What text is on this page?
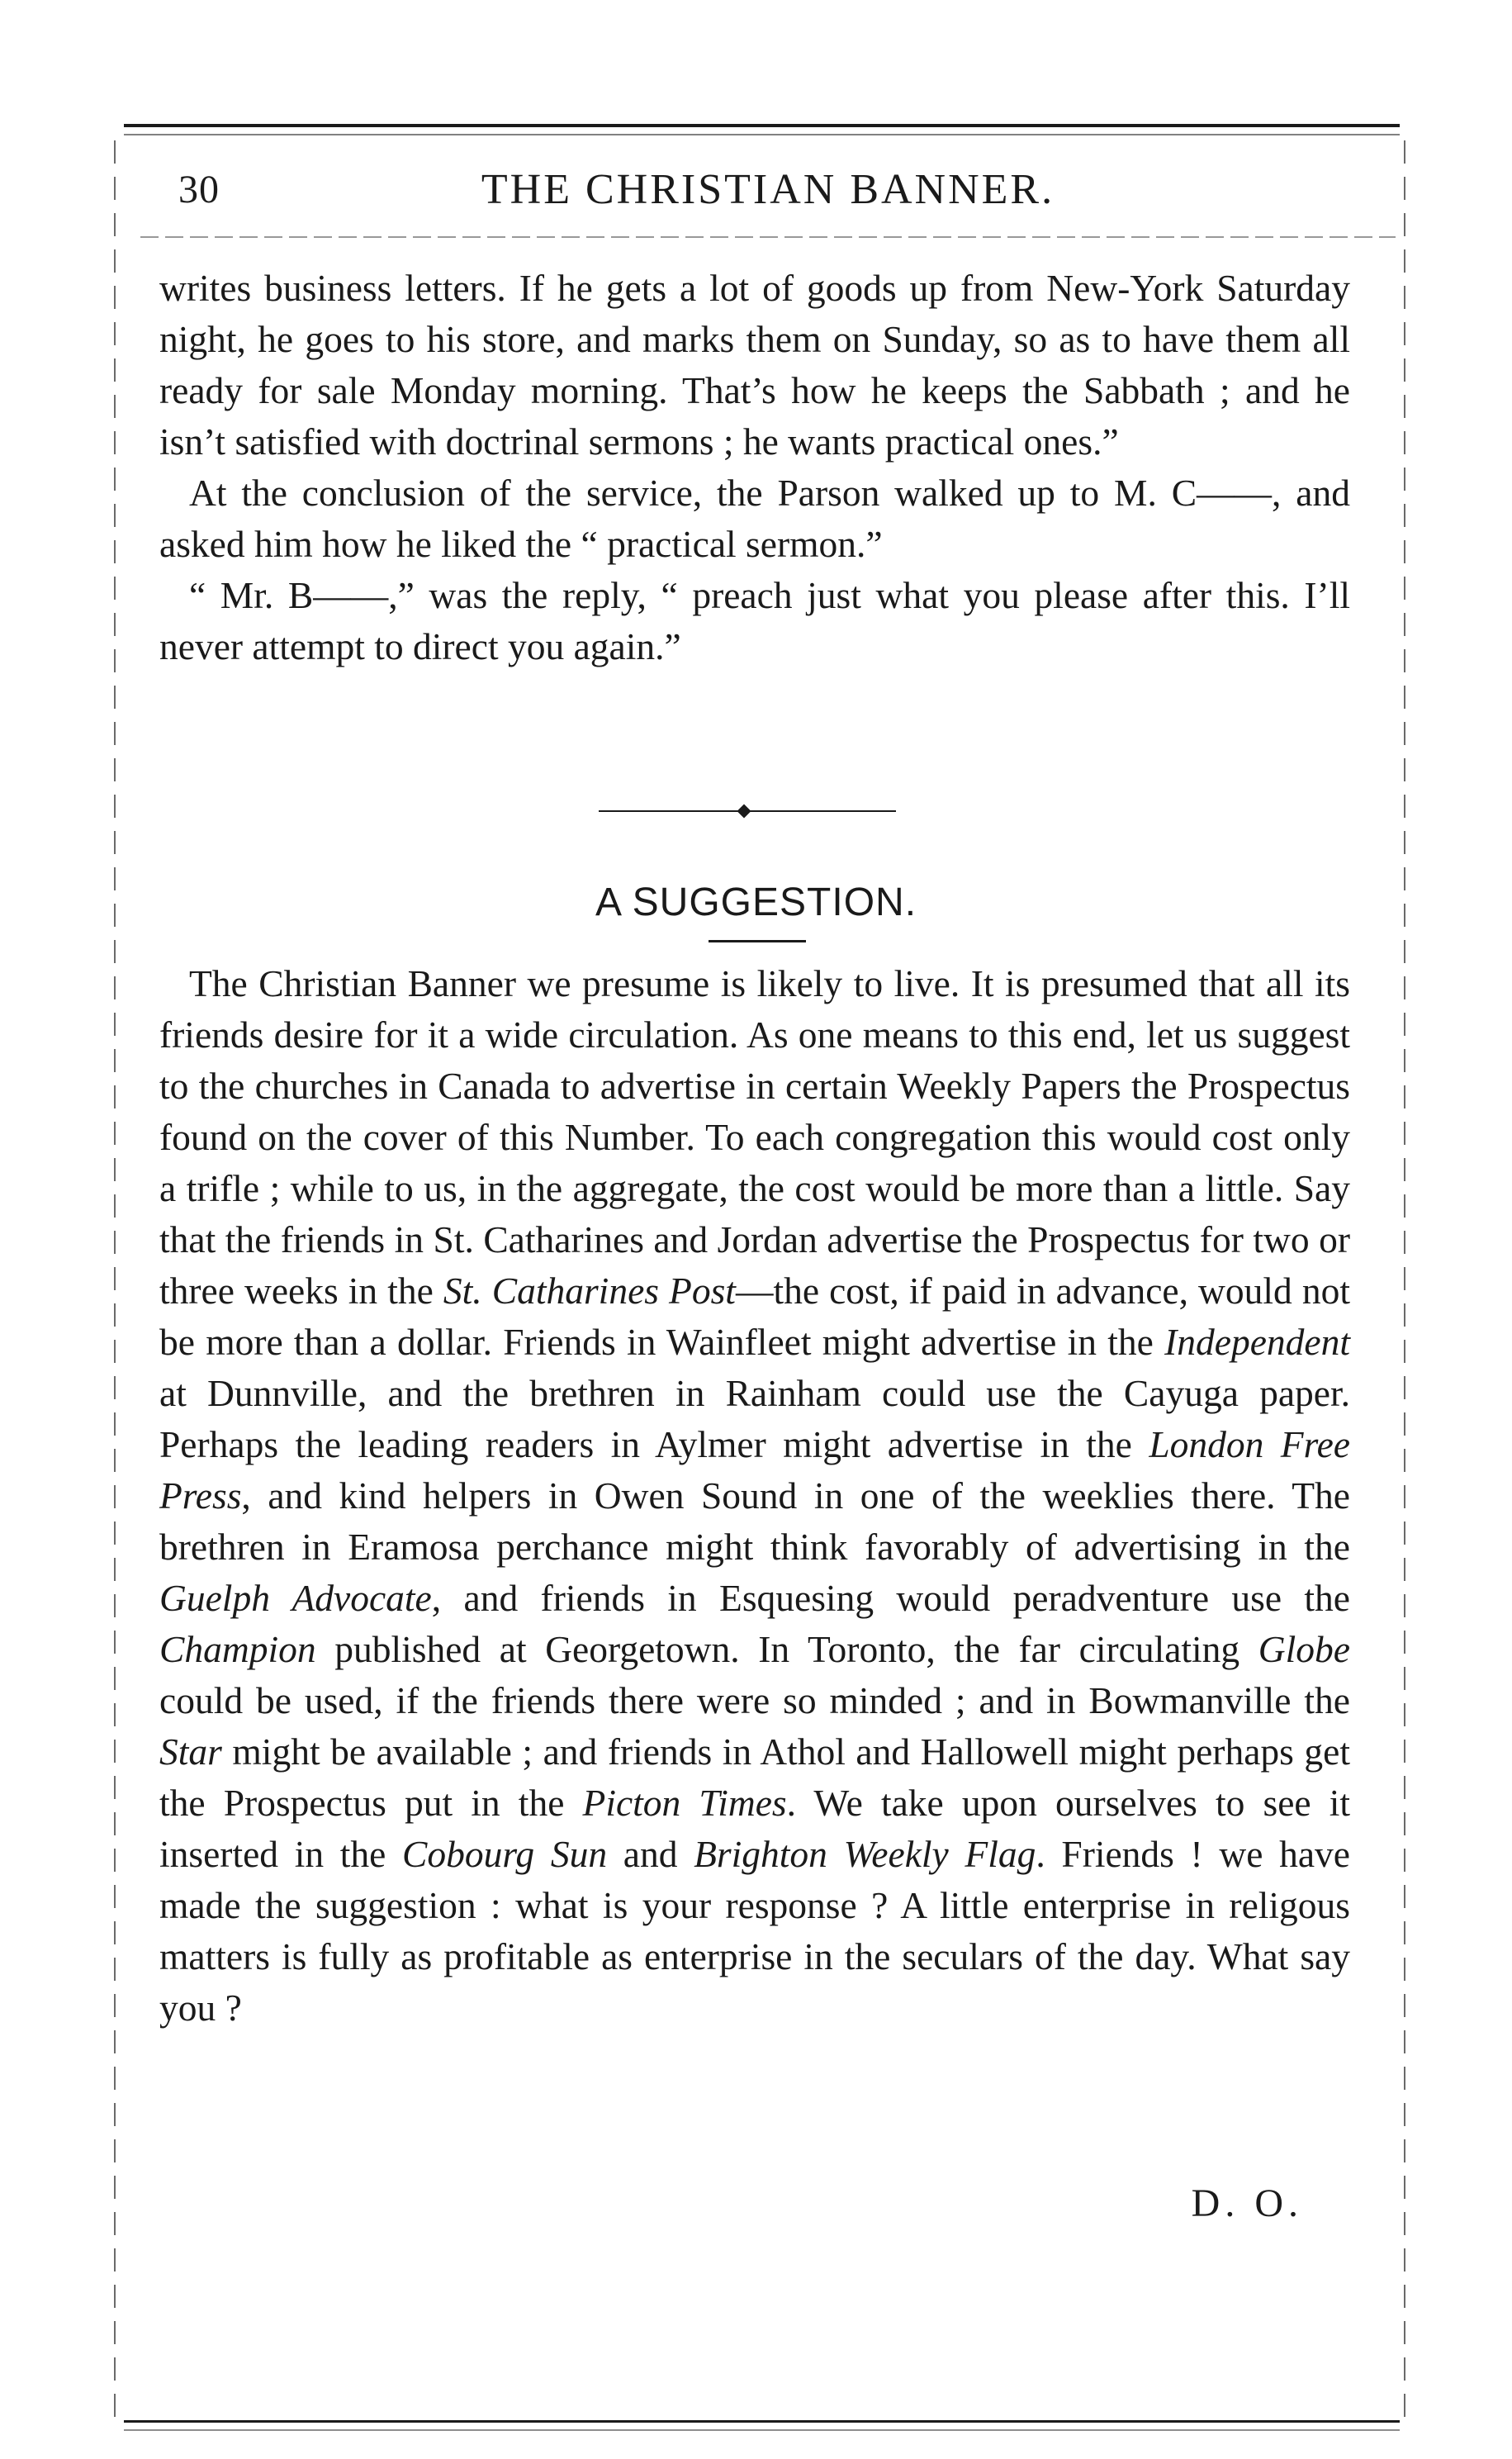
30	THE CHRISTIAN BANNER.

writes business letters. If he gets a lot of goods up from New-York Saturday night, he goes to his store, and marks them on Sunday, so as to have them all ready for sale Monday morning. That’s how he keeps the Sabbath ; and he isn’t satisfied with doctrinal sermons ; he wants practical ones.”

At the conclusion of the service, the Parson walked up to M. C——, and asked him how he liked the “ practical sermon.”

“ Mr. B——,” was the reply, “ preach just what you please after this. I’ll never attempt to direct you again.”

A SUGGESTION.

The Christian Banner we presume is likely to live. It is presumed that all its friends desire for it a wide circulation. As one means to this end, let us suggest to the churches in Canada to advertise in certain Weekly Papers the Prospectus found on the cover of this Number. To each congregation this would cost only a trifle ; while to us, in the aggregate, the cost would be more than a little. Say that the friends in St. Catharines and Jordan advertise the Prospectus for two or three weeks in the St. Catharines Post—the cost, if paid in advance, would not be more than a dollar. Friends in Wainfleet might advertise in the Independent at Dunnville, and the brethren in Rainham could use the Cayuga paper. Perhaps the leading readers in Aylmer might advertise in the London Free Press, and kind helpers in Owen Sound in one of the weeklies there. The brethren in Eramosa perchance might think favorably of advertising in the Guelph Advocate, and friends in Esquesing would peradventure use the Champion published at Georgetown. In Toronto, the far circulating Globe could be used, if the friends there were so minded ; and in Bowmanville the Star might be available ; and friends in Athol and Hallowell might perhaps get the Prospectus put in the Picton Times. We take upon ourselves to see it inserted in the Cobourg Sun and Brighton Weekly Flag. Friends ! we have made the suggestion : what is your response ? A little enterprise in religous matters is fully as profitable as enterprise in the seculars of the day. What say you ?

D. O.
